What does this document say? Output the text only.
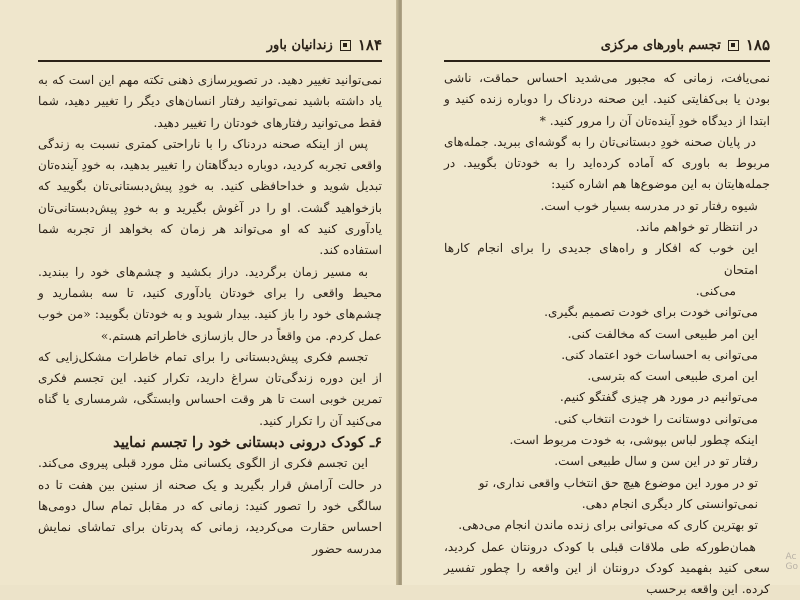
۱۸۴
زندانیان باور

نمی‌توانید تغییر دهید. در تصویرسازی ذهنی تکته مهم این است که به یاد داشته باشید نمی‌توانید رفتار انسان‌های دیگر را تغییر دهید، شما فقط می‌توانید رفتارهای خودتان را تغییر دهید.

پس از اینکه صحنه دردناک را با ناراحتی کمتری نسبت به زندگی واقعی تجربه کردید، دوباره دیدگاهتان را تغییر بدهید، به خودِ آینده‌تان تبدیل شوید و خداحافظی کنید. به خودِ پیش‌دبستانی‌تان بگویید که بازخواهید گشت. او را در آغوش بگیرید و به خودِ پیش‌دبستانی‌تان یادآوری کنید که او می‌تواند هر زمان که بخواهد از تجربه شما استفاده کند.

به مسیر زمان برگردید. دراز بکشید و چشم‌های خود را ببندید. محیط واقعی را برای خودتان یادآوری کنید، تا سه بشمارید و چشم‌های خود را باز کنید. بیدار شوید و به خودتان بگویید: «من خوب عمل کردم. من واقعاً در حال بازسازی خاطراتم هستم.»

تجسم فکری پیش‌دبستانی را برای تمام خاطرات مشکل‌زایی که از این دوره زندگی‌تان سراغ دارید، تکرار کنید. این تجسم فکری تمرین خوبی است تا هر وقت احساس وابستگی، شرمساری یا گناه می‌کنید آن را تکرار کنید.

۶ـ کودک درونی دبستانی خود را تجسم نمایید

این تجسم فکری از الگوی یکسانی مثل مورد قبلی پیروی می‌کند. در حالت آرامش قرار بگیرید و یک صحنه از سنین بین هفت تا ده سالگی خود را تصور کنید: زمانی که در مقابل تمام سال دومی‌ها احساس حقارت می‌کردید، زمانی که پدرتان برای تماشای نمایش مدرسه حضور

۱۸۵
تجسم باورهای مرکزی

نمی‌یافت، زمانی که مجبور می‌شدید احساس حماقت، ناشی بودن یا بی‌کفایتی کنید. این صحنه دردناک را دوباره زنده کنید و ابتدا از دیدگاه خودِ آینده‌تان آن را مرور کنید. *

در پایان صحنه خودِ دبستانی‌تان را به گوشه‌ای ببرید. جمله‌های مربوط به باوری که آماده کرده‌اید را به خودتان بگویید. در جمله‌هایتان به این موضوع‌ها هم اشاره کنید:

شیوه رفتار تو در مدرسه بسیار خوب است.

در انتظار تو خواهم ماند.

این خوب که افکار و راه‌های جدیدی را برای انجام کارها امتحان

می‌کنی.

می‌توانی خودت برای خودت تصمیم بگیری.

این امر طبیعی است که مخالفت کنی.

می‌توانی به احساسات خود اعتماد کنی.

این امری طبیعی است که بترسی.

می‌توانیم در مورد هر چیزی گفتگو کنیم.

می‌توانی دوستانت را خودت انتخاب کنی.

اینکه چطور لباس بپوشی، به خودت مربوط است.

رفتار تو در این سن و سال طبیعی است.

تو در مورد این موضوع هیچ حق انتخاب واقعی نداری، تو

نمی‌توانستی کار دیگری انجام دهی.

تو بهترین کاری که می‌توانی برای زنده ماندن انجام می‌دهی.

همان‌طورکه طی ملاقات قبلی با کودک درونتان عمل کردید، سعی کنید بفهمید کودک درونتان از این واقعه را چطور تفسیر کرده. این واقعه برحسب

Ac
Go
